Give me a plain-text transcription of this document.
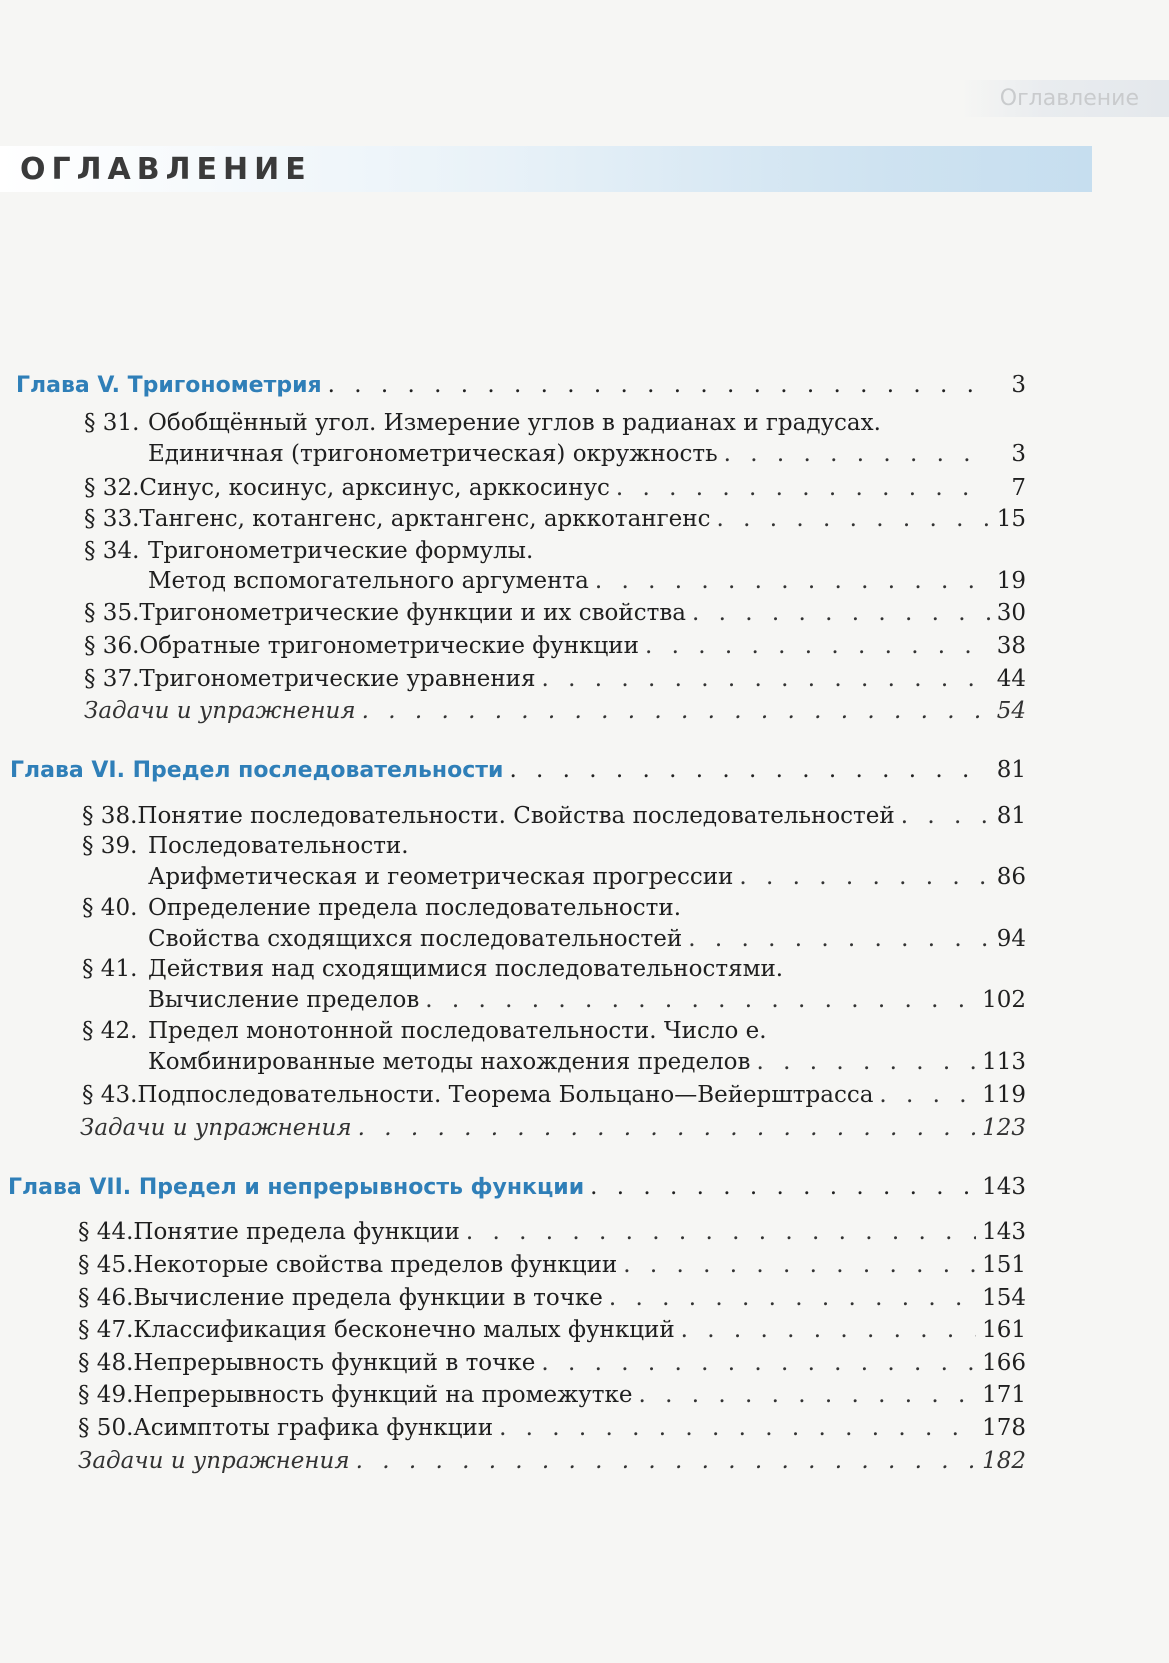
Оглавление
ОГЛАВЛЕНИЕ
Глава V. Тригонометрия . . .	3
§ 31. Обобщённый угол. Измерение углов в радианах и градусах.
Единичная (тригонометрическая) окружность . . .	3
§ 32. Синус, косинус, арксинус, арккосинус . . .	7
§ 33. Тангенс, котангенс, арктангенс, арккотангенс . . .	15
§ 34. Тригонометрические формулы.
Метод вспомогательного аргумента . . .	19
§ 35. Тригонометрические функции и их свойства . . .	30
§ 36. Обратные тригонометрические функции . . .	38
§ 37. Тригонометрические уравнения . . .	44
Задачи и упражнения . . .	54
Глава VI. Предел последовательности . . .	81
§ 38. Понятие последовательности. Свойства последовательностей . . .	81
§ 39. Последовательности.
Арифметическая и геометрическая прогрессии . . .	86
§ 40. Определение предела последовательности.
Свойства сходящихся последовательностей . . .	94
§ 41. Действия над сходящимися последовательностями.
Вычисление пределов . . .	102
§ 42. Предел монотонной последовательности. Число e.
Комбинированные методы нахождения пределов . . .	113
§ 43. Подпоследовательности. Теорема Больцано—Вейерштрасса . . .	119
Задачи и упражнения . . .	123
Глава VII. Предел и непрерывность функции . . .	143
§ 44. Понятие предела функции . . .	143
§ 45. Некоторые свойства пределов функции . . .	151
§ 46. Вычисление предела функции в точке . . .	154
§ 47. Классификация бесконечно малых функций . . .	161
§ 48. Непрерывность функций в точке . . .	166
§ 49. Непрерывность функций на промежутке . . .	171
§ 50. Асимптоты графика функции . . .	178
Задачи и упражнения . . .	182
